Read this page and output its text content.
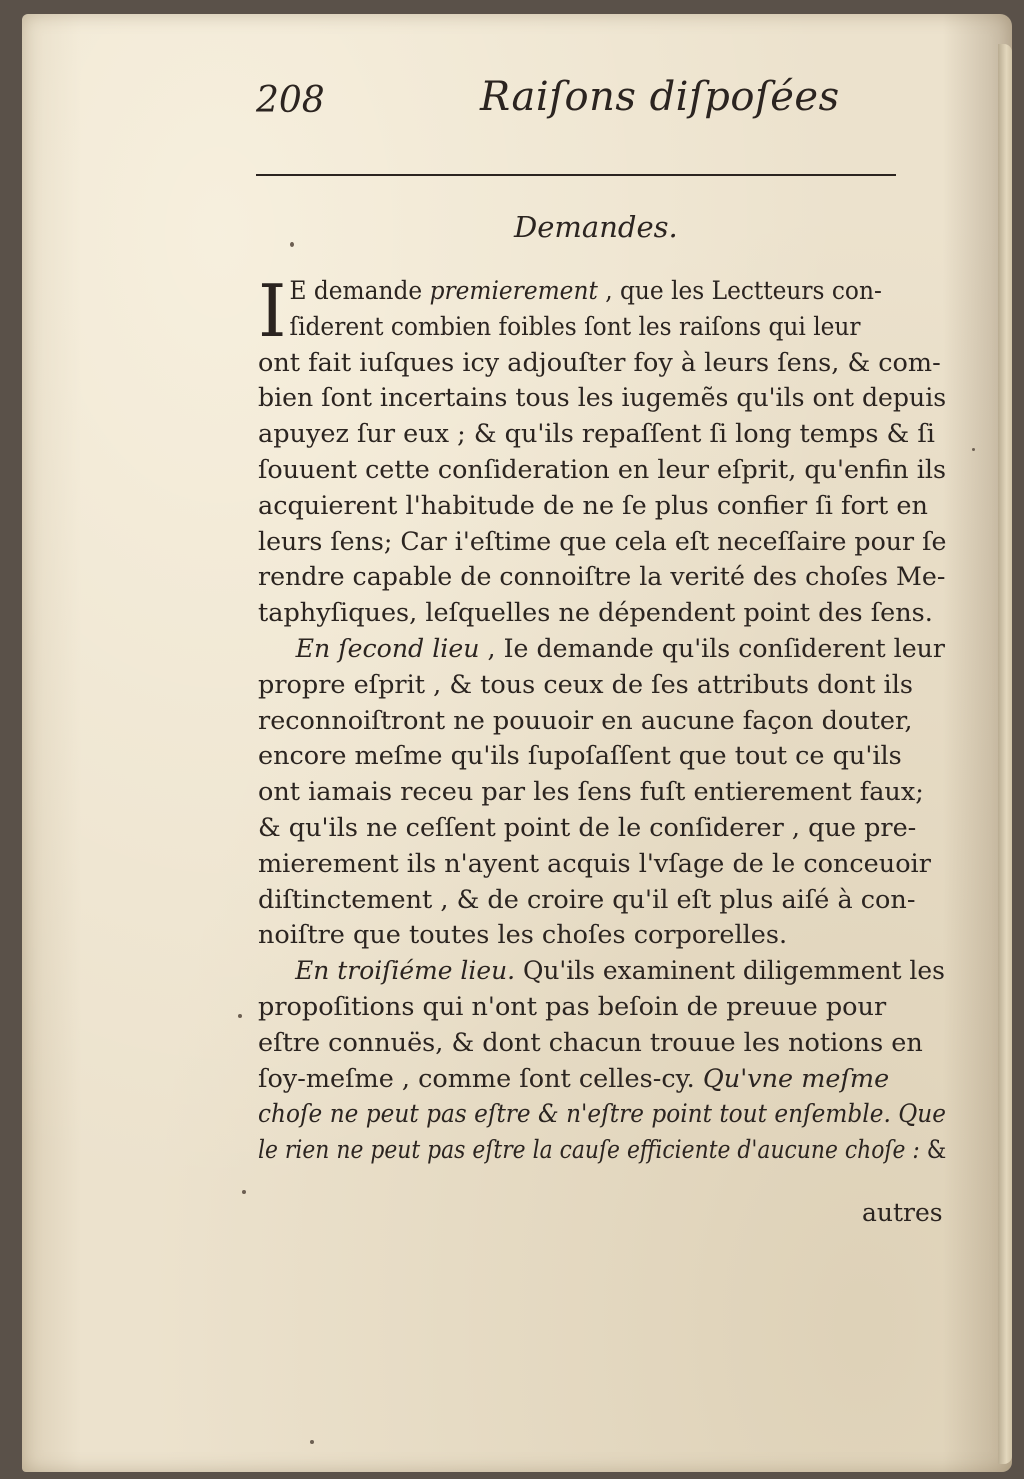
208	Raiſons diſpoſées
Demandes.
I E demande premierement , que les Lectteurs con-
ſiderent combien foibles ſont les raiſons qui leur
ont fait iuſques icy adjouſter foy à leurs ſens, & com-
bien ſont incertains tous les iugemẽs qu'ils ont depuis
apuyez ſur eux ; & qu'ils repaſſent ſi long temps & ſi
ſouuent cette conſideration en leur eſprit, qu'enfin ils
acquierent l'habitude de ne ſe plus confier ſi fort en
leurs ſens; Car i'eſtime que cela eſt neceſſaire pour ſe
rendre capable de connoiſtre la verité des choſes Me-
taphyſiques, leſquelles ne dépendent point des ſens.
En ſecond lieu , Ie demande qu'ils conſiderent leur
propre eſprit , & tous ceux de ſes attributs dont ils
reconnoiſtront ne pouuoir en aucune façon douter,
encore meſme qu'ils ſupoſaſſent que tout ce qu'ils
ont iamais receu par les ſens fuſt entierement faux;
& qu'ils ne ceſſent point de le conſiderer , que pre-
mierement ils n'ayent acquis l'vſage de le conceuoir
diſtinctement , & de croire qu'il eſt plus aiſé à con-
noiſtre que toutes les choſes corporelles.
En troiſiéme lieu. Qu'ils examinent diligemment les
propoſitions qui n'ont pas beſoin de preuue pour
eſtre connuës, & dont chacun trouue les notions en
ſoy-meſme , comme ſont celles-cy. Qu'vne meſme
choſe ne peut pas eſtre & n'eſtre point tout enſemble. Que
le rien ne peut pas eſtre la cauſe efficiente d'aucune choſe : &
autres
